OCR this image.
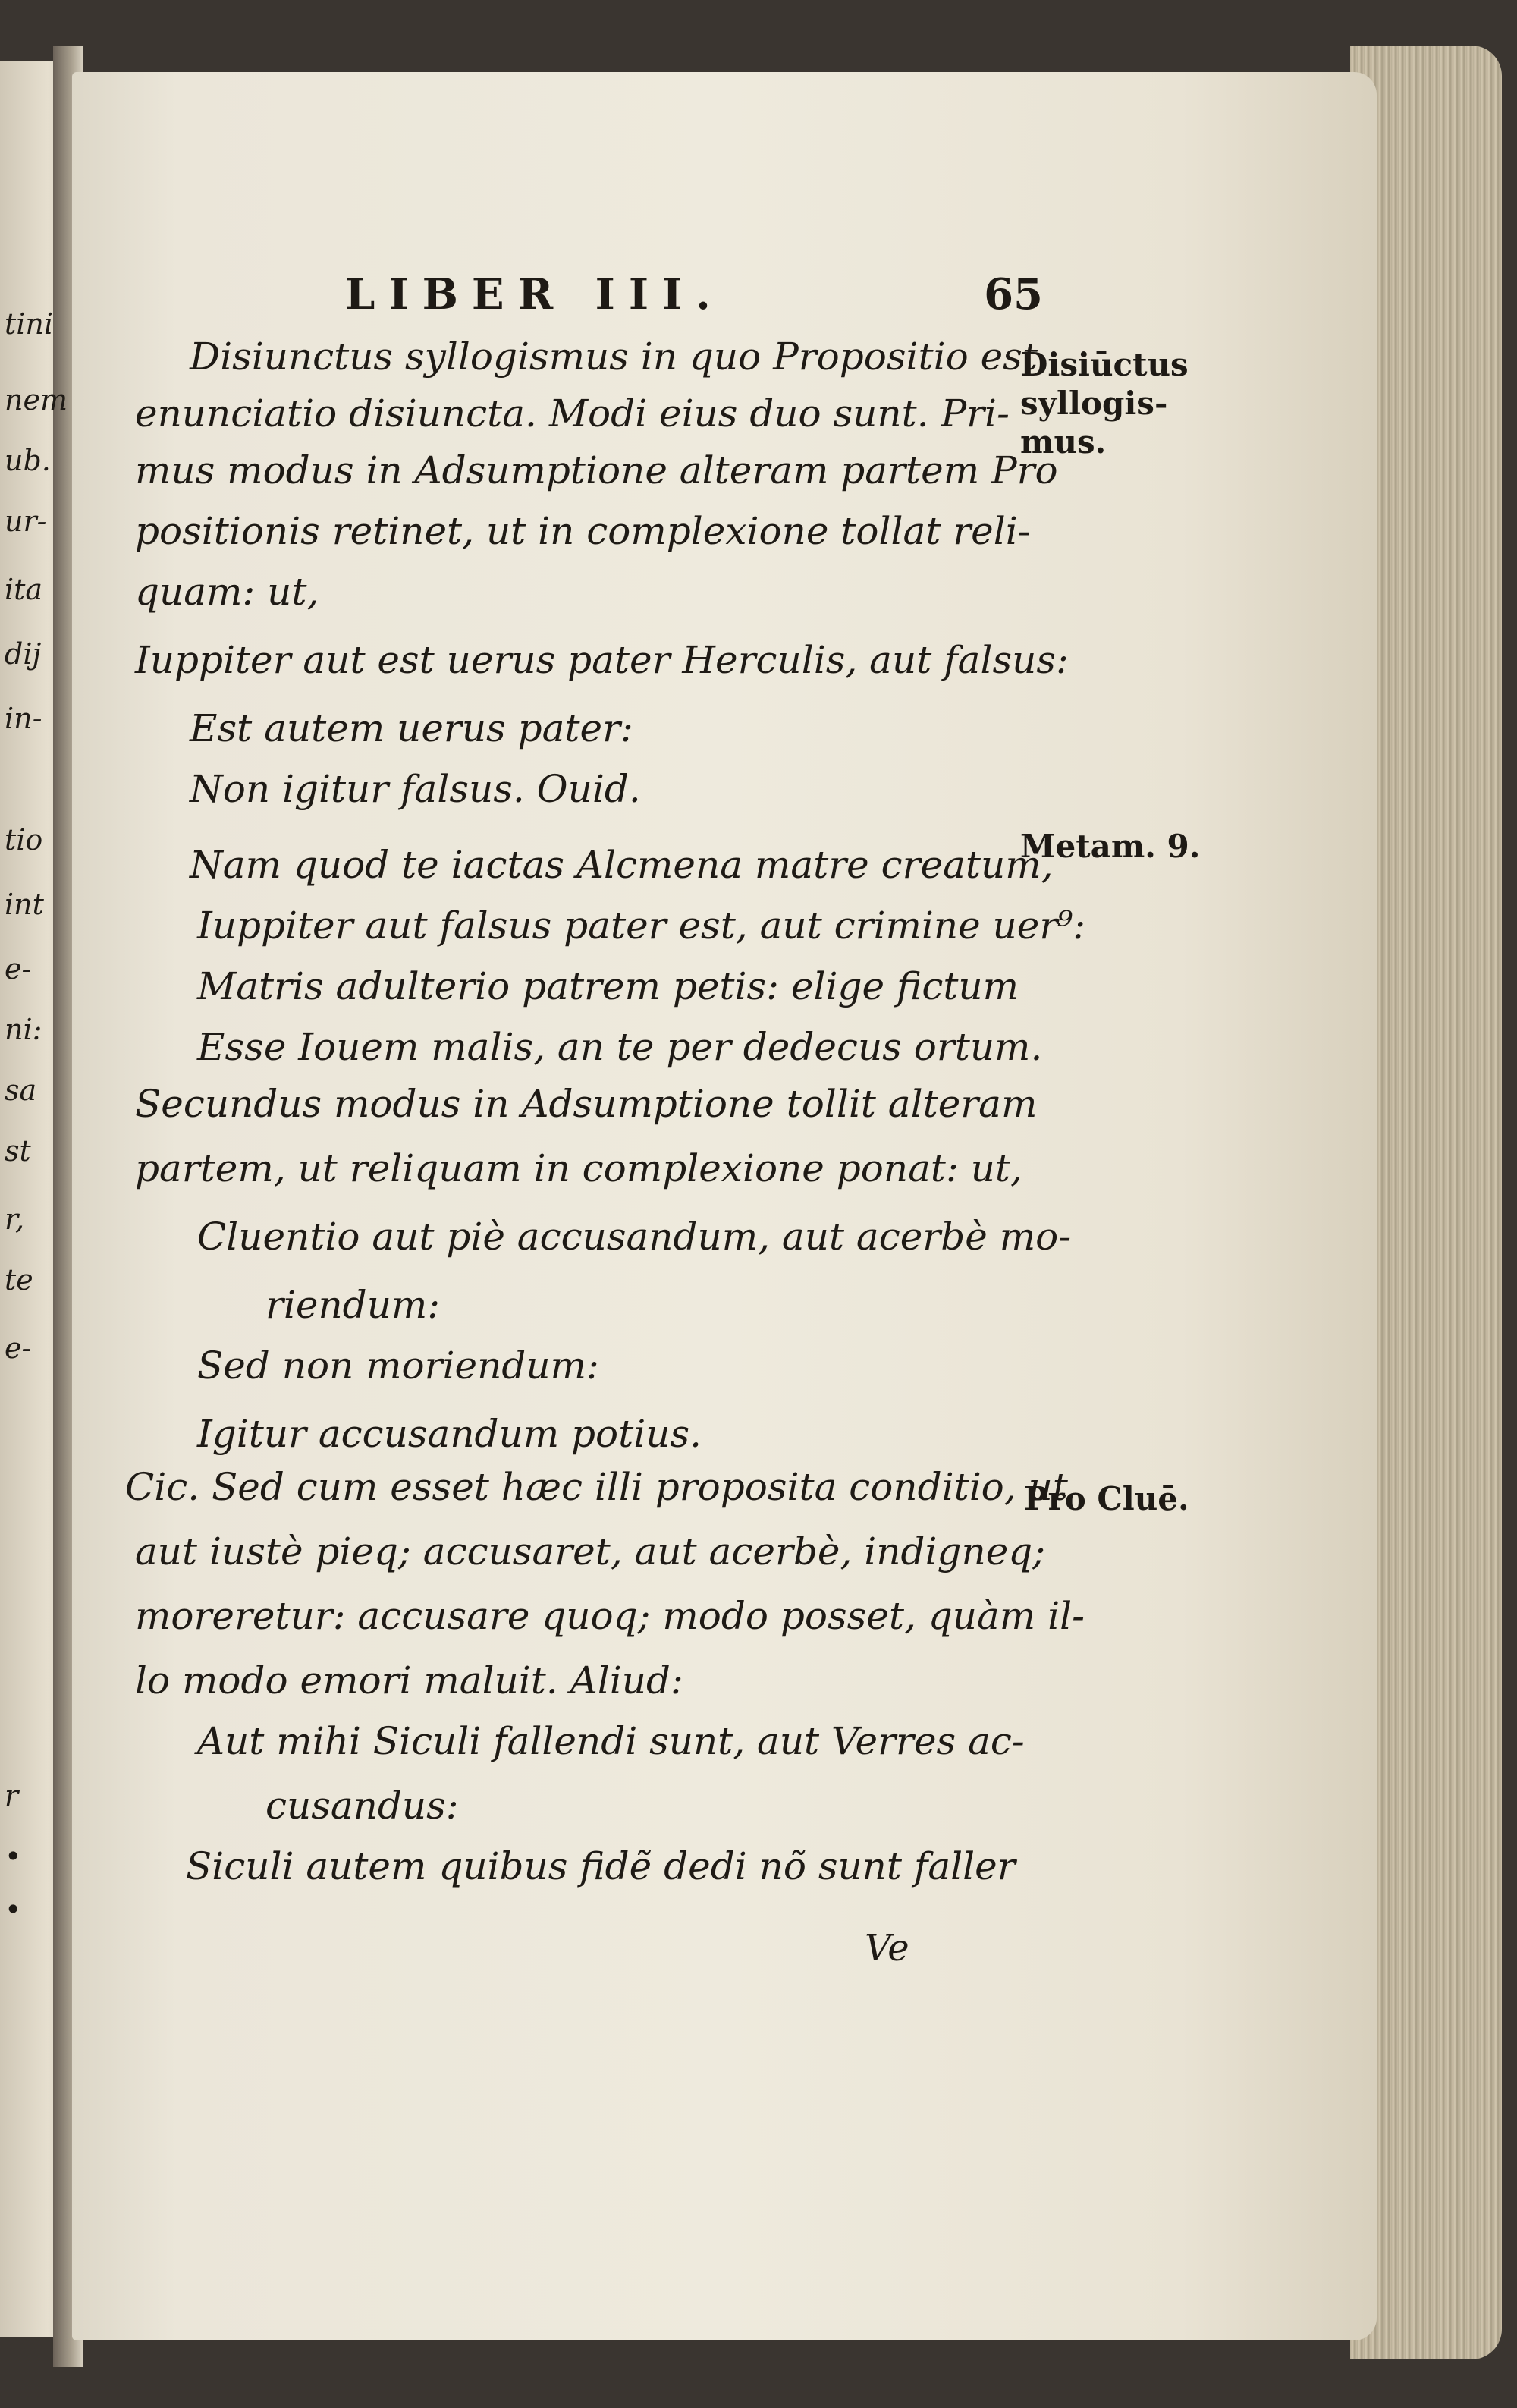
tini
nem
ub.
ur-
ita
dij
in-
tio
int
e-
ni:
sa
st
r,
te
e-
r
•
•
LIBER III.	65
Disiunctus syllogismus in quo Propositio est
enunciatio disiuncta. Modi eius duo sunt. Pri-
mus modus in Adsumptione alteram partem Pro
positionis retinet, ut in complexione tollat reli-
quam: ut,
Iuppiter aut est uerus pater Herculis, aut falsus:
Est autem uerus pater:
Non igitur falsus. Ouid.
Nam quod te iactas Alcmena matre creatum,
Iuppiter aut falsus pater est, aut crimine uer⁹:
Matris adulterio patrem petis: elige fictum
Esse Iouem malis, an te per dedecus ortum.
Secundus modus in Adsumptione tollit alteram
partem, ut reliquam in complexione ponat: ut,
Cluentio aut piè accusandum, aut acerbè mo-
riendum:
Sed non moriendum:
Igitur accusandum potius.
Cic. Sed cum esset hæc illi proposita conditio, ut
aut iustè pieq; accusaret, aut acerbè, indigneq;
moreretur: accusare quoq; modo posset, quàm il-
lo modo emori maluit. Aliud:
Aut mihi Siculi fallendi sunt, aut Verres ac-
cusandus:
Siculi autem quibus fidẽ dedi nõ sunt faller
Ve
Disiūctus
syllogis-
mus.
Metam. 9.
Pro Cluē.
